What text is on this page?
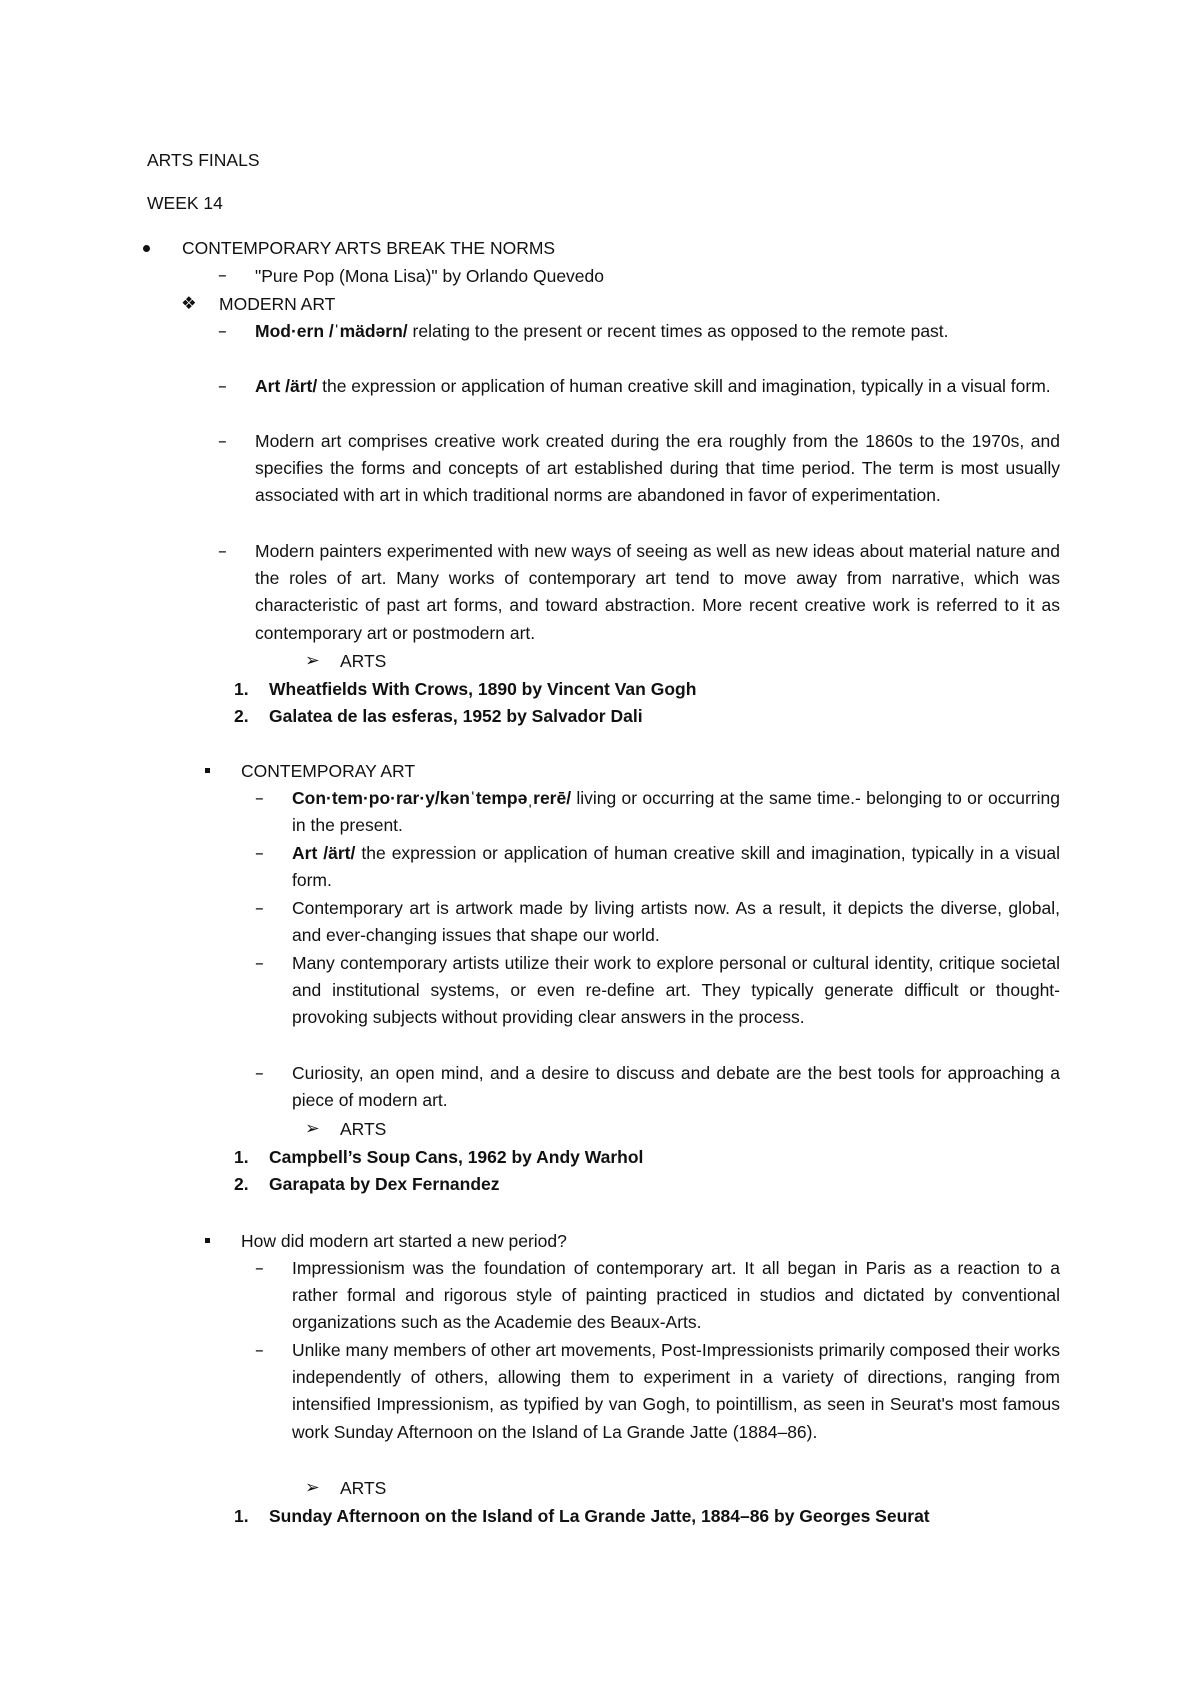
ARTS FINALS
WEEK 14
CONTEMPORARY ARTS BREAK THE NORMS
– "Pure Pop (Mona Lisa)" by Orlando Quevedo
❖ MODERN ART
– Mod·ern /ˈmädərn/ relating to the present or recent times as opposed to the remote past.
– Art /ärt/ the expression or application of human creative skill and imagination, typically in a visual form.
– Modern art comprises creative work created during the era roughly from the 1860s to the 1970s, and specifies the forms and concepts of art established during that time period. The term is most usually associated with art in which traditional norms are abandoned in favor of experimentation.
– Modern painters experimented with new ways of seeing as well as new ideas about material nature and the roles of art. Many works of contemporary art tend to move away from narrative, which was characteristic of past art forms, and toward abstraction. More recent creative work is referred to it as contemporary art or postmodern art.
➢ ARTS
1. Wheatfields With Crows, 1890 by Vincent Van Gogh
2. Galatea de las esferas, 1952 by Salvador Dali
CONTEMPORAY ART
– Con·tem·po·rar·y/kənˈtempəˌrerē/ living or occurring at the same time.- belonging to or occurring in the present.
– Art /ärt/ the expression or application of human creative skill and imagination, typically in a visual form.
– Contemporary art is artwork made by living artists now. As a result, it depicts the diverse, global, and ever-changing issues that shape our world.
– Many contemporary artists utilize their work to explore personal or cultural identity, critique societal and institutional systems, or even re-define art. They typically generate difficult or thought-provoking subjects without providing clear answers in the process.
– Curiosity, an open mind, and a desire to discuss and debate are the best tools for approaching a piece of modern art.
➢ ARTS
1. Campbell’s Soup Cans, 1962 by Andy Warhol
2. Garapata by Dex Fernandez
How did modern art started a new period?
– Impressionism was the foundation of contemporary art. It all began in Paris as a reaction to a rather formal and rigorous style of painting practiced in studios and dictated by conventional organizations such as the Academie des Beaux-Arts.
– Unlike many members of other art movements, Post-Impressionists primarily composed their works independently of others, allowing them to experiment in a variety of directions, ranging from intensified Impressionism, as typified by van Gogh, to pointillism, as seen in Seurat's most famous work Sunday Afternoon on the Island of La Grande Jatte (1884–86).
➢ ARTS
1. Sunday Afternoon on the Island of La Grande Jatte, 1884–86 by Georges Seurat
